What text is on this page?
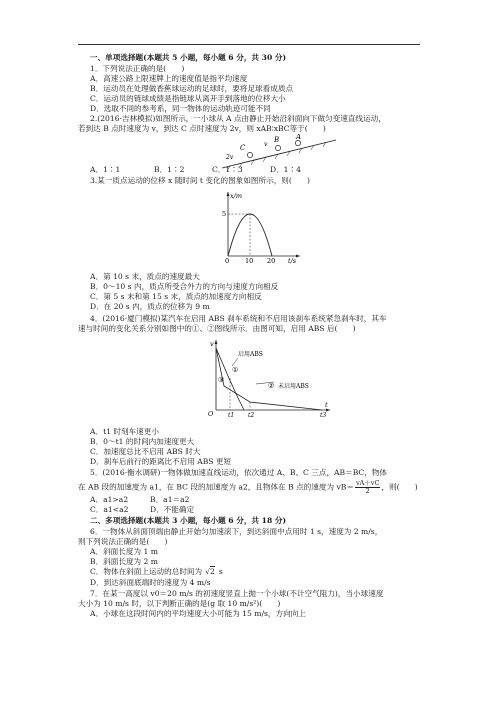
一、单项选择题(本题共 5 小题，每小题 6 分，共 30 分)
1．下列说法正确的是(　　)
A．高速公路上限速牌上的速度值是指平均速度
B．运动员在处理做香蕉球运动的足球时，要将足球看成质点
C．运动员的链球成绩是指链球从离开手到落地的位移大小
D．选取不同的参考系，同一物体的运动轨迹可能不同
2.(2016·吉林模拟)如图所示，一小球从 A 点由静止开始沿斜面向下做匀变速直线运动，
若到达 B 点时速度为 v，到达 C 点时速度为 2v，则 xAB∶xBC等于(　　)
C
B A
v
2v
A．1∶1	B．1∶2	C．1∶3	D．1∶4
3.某一质点运动的位移 x 随时间 t 变化的图象如图所示，则(　　)
x/m
5
0 10 20 t/s
A．第 10 s 末，质点的速度最大
B．0～10 s 内，质点所受合外力的方向与速度方向相反
C．第 5 s 末和第 15 s 末，质点的加速度方向相反
D．在 20 s 内，质点的位移为 9 m
4．(2016·厦门模拟)某汽车在启用 ABS 刹车系统和不启用该刹车系统紧急刹车时，其车
速与时间的变化关系分别如图中的①、②图线所示．由图可知，启用 ABS 后(　　)
v
O
启用ABS
①
③
② 未启用ABS
t1 t2	t3
t
A．t1 时刻车速更小
B．0～t1 的时间内加速度更大
C．加速度总比不启用 ABS 时大
D．刹车后前行的距离比不启用 ABS 更短
5．(2016·衡水调研)一物体做加速直线运动，依次通过 A、B、C 三点，AB＝BC，物体
在 AB 段的加速度为 a1，在 BC 段的加速度为 a2，且物体在 B 点的速度为 $vB= \frac{vA+vC}{2}$ ，则(　　)
A．a1>a2	B．a1＝a2
C．a1<a2	D．不能确定
二、多项选择题(本题共 3 小题，每小题 6 分，共 18 分)
6．一物体从斜面顶端由静止开始匀加速滚下，到达斜面中点用时 1 s，速度为 2 m/s，
则下列说法正确的是(　　)
A．斜面长度为 1 m
B．斜面长度为 2 m
C．物体在斜面上运动的总时间为 √2 s
D．到达斜面底端时的速度为 4 m/s
7．在某一高度以 v0＝20 m/s 的初速度竖直上抛一个小球(不计空气阻力)，当小球速度
大小为 10 m/s 时，以下判断正确的是(g 取 10 m/s²)(　　)
A．小球在这段时间内的平均速度大小可能为 15 m/s，方向向上
